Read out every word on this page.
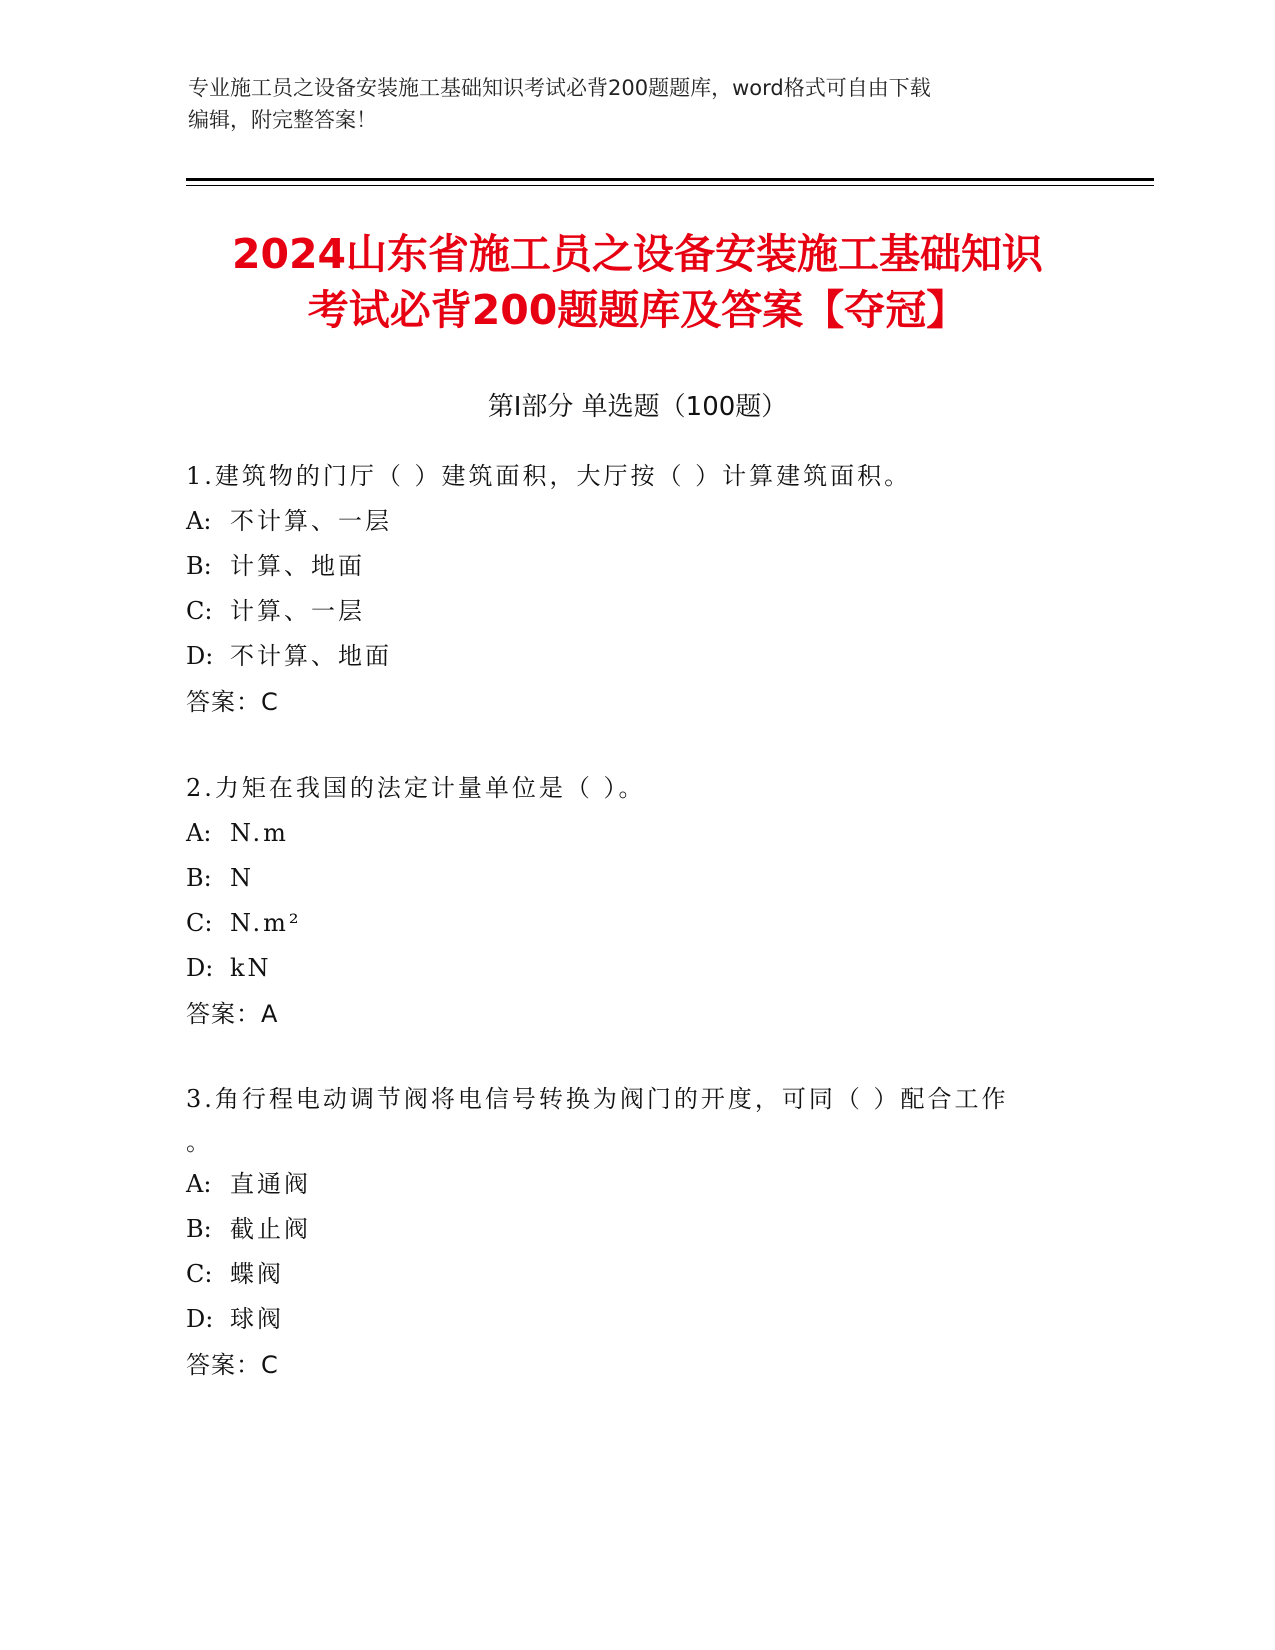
专业施工员之设备安装施工基础知识考试必背200题题库，word格式可自由下载
编辑，附完整答案！
2024山东省施工员之设备安装施工基础知识
考试必背200题题库及答案【夺冠】
第I部分 单选题（100题）
1.建筑物的门厅（ ）建筑面积，大厅按（ ）计算建筑面积。
A: 不计算、一层
B: 计算、地面
C: 计算、一层
D: 不计算、地面
答案：C
2.力矩在我国的法定计量单位是（ ）。
A: N.m
B: N
C: N.m²
D: kN
答案：A
3.角行程电动调节阀将电信号转换为阀门的开度，可同（ ）配合工作
。
A: 直通阀
B: 截止阀
C: 蝶阀
D: 球阀
答案：C
